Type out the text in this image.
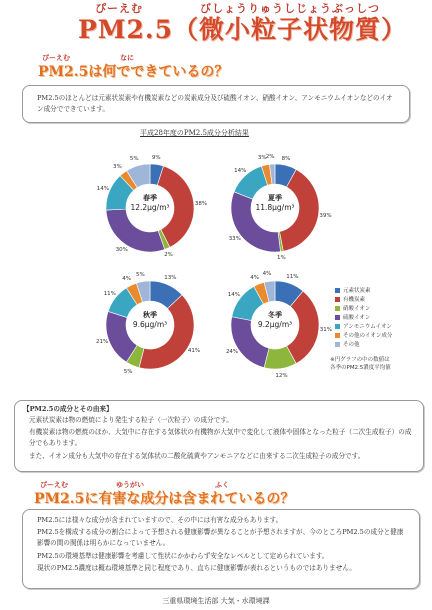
ぴーえむ	びしょうりゅうしじょうぶっしつ
PM2.5（微小粒子状物質）
ぴーえむ	なに
PM2.5は何でできているの？
PM2.5のほとんどは元素状炭素や有機炭素などの炭素成分及び硫酸イオン、硝酸イオン、アンモニウムイオンなどのイオン成分でできています。
平成28年度のPM2.5成分分析結果
春季
12.2μg/m³
夏季
11.8μg/m³
秋季
9.6μg/m³
冬季
9.2μg/m³
元素状炭素
有機炭素
硝酸イオン
硫酸イオン
アンモニウムイオン
その他のイオン成分
その他
※円グラフの中の数値は各季のPM2.5濃度平均値
9%
38%
2%
30%
14%
3%
5%	8%
39%
1%
33%
14%
3% 2%
13%
41%
5%
21%
11%
4%
5%	11%
31%
12%
24%
14%
4%
4%
【PM2.5の成分とその由来】
元素状炭素は物の燃焼により発生する粒子（一次粒子）の成分です。
有機炭素は物の燃焼のほか、大気中に存在する気体状の有機物が大気中で変化して液体や固体となった粒子（二次生成粒子）の成分でもあります。
また、イオン成分も大気中の存在する気体状の二酸化硫黄やアンモニアなどに由来する二次生成粒子の成分です。
ぴーえむ	ゆうがい	ふく
PM2.5に有害な成分は含まれているの？
PM2.5には様々な成分が含まれていますので、その中には有害な成分もあります。
PM2.5を構成する成分の割合によって予想される健康影響が異なることが予想されますが、今のところPM2.5の成分と健康影響の間の関係は明らかになっていません。
PM2.5の環境基準は健康影響を考慮して性状にかかわらず安全なレベルとして定められています。
現状のPM2.5濃度は概ね環境基準と同じ程度であり、直ちに健康影響が表れるというものではありません。
三重県環境生活部 大気・水環境課
